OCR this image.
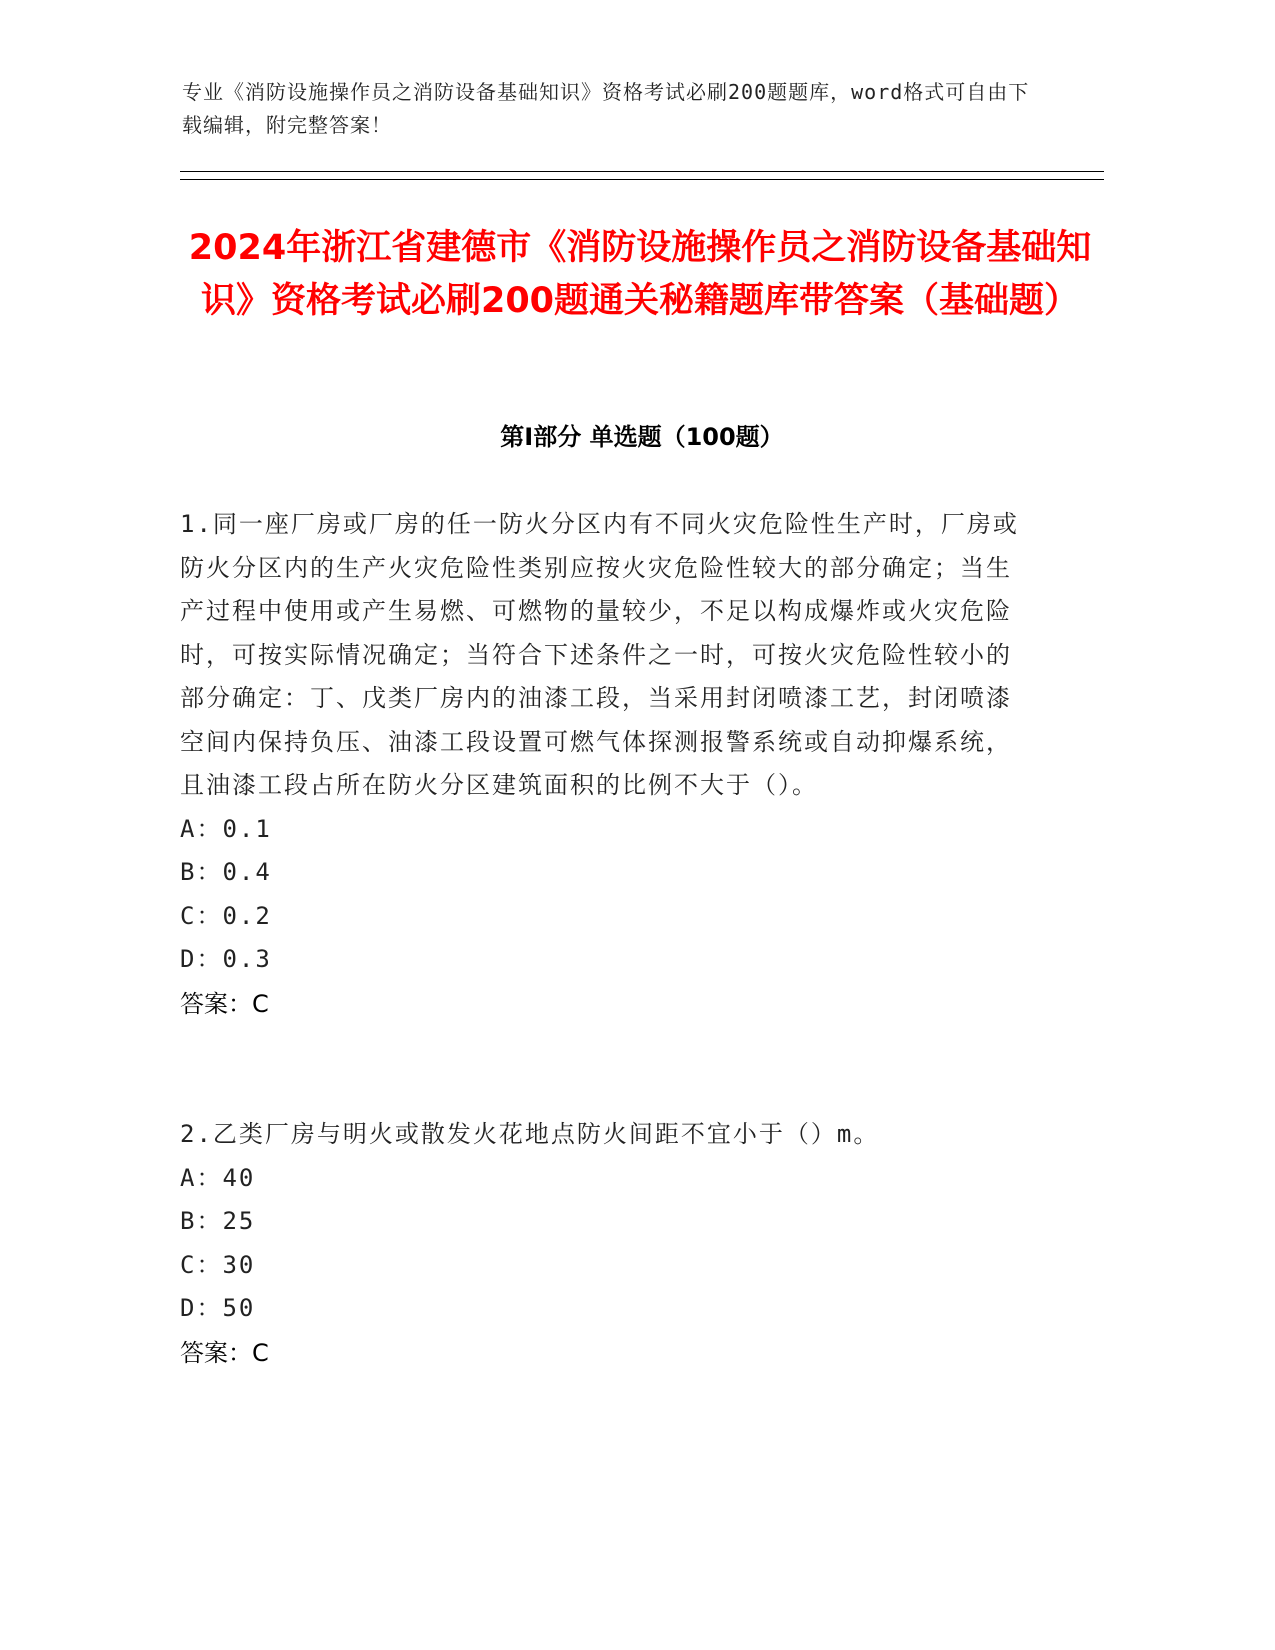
专业《消防设施操作员之消防设备基础知识》资格考试必刷200题题库，word格式可自由下载编辑，附完整答案！
2024年浙江省建德市《消防设施操作员之消防设备基础知识》资格考试必刷200题通关秘籍题库带答案（基础题）
第Ⅰ部分 单选题（100题）

1.同一座厂房或厂房的任一防火分区内有不同火灾危险性生产时，厂房或防火分区内的生产火灾危险性类别应按火灾危险性较大的部分确定；当生产过程中使用或产生易燃、可燃物的量较少，不足以构成爆炸或火灾危险时，可按实际情况确定；当符合下述条件之一时，可按火灾危险性较小的部分确定：丁、戊类厂房内的油漆工段，当采用封闭喷漆工艺，封闭喷漆空间内保持负压、油漆工段设置可燃气体探测报警系统或自动抑爆系统，且油漆工段占所在防火分区建筑面积的比例不大于（）。

A：0.1

B：0.4

C：0.2

D：0.3

答案：C

2.乙类厂房与明火或散发火花地点防火间距不宜小于（）m。

A：40

B：25

C：30

D：50

答案：C
